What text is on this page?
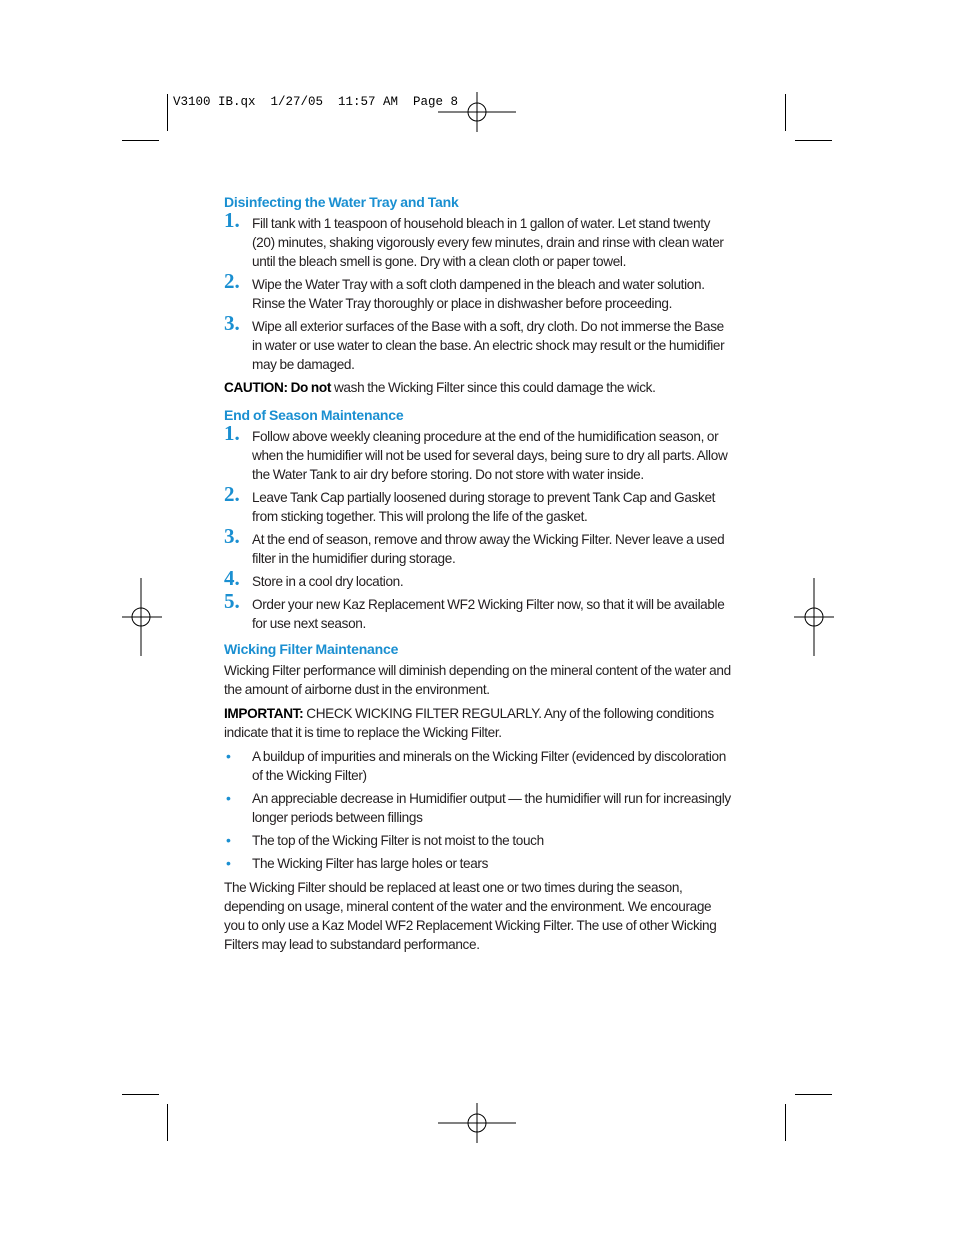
V3100 IB.qx  1/27/05  11:57 AM  Page 8
Disinfecting the Water Tray and Tank
1. Fill tank with 1 teaspoon of household bleach in 1 gallon of water. Let stand twenty (20) minutes, shaking vigorously every few minutes, drain and rinse with clean water until the bleach smell is gone. Dry with a clean cloth or paper towel.
2. Wipe the Water Tray with a soft cloth dampened in the bleach and water solution. Rinse the Water Tray thoroughly or place in dishwasher before proceeding.
3. Wipe all exterior surfaces of the Base with a soft, dry cloth. Do not immerse the Base in water or use water to clean the base. An electric shock may result or the humidifier may be damaged.

CAUTION: Do not wash the Wicking Filter since this could damage the wick.

End of Season Maintenance
1. Follow above weekly cleaning procedure at the end of the humidification season, or when the humidifier will not be used for several days, being sure to dry all parts. Allow the Water Tank to air dry before storing. Do not store with water inside.
2. Leave Tank Cap partially loosened during storage to prevent Tank Cap and Gasket from sticking together. This will prolong the life of the gasket.
3. At the end of season, remove and throw away the Wicking Filter. Never leave a used filter in the humidifier during storage.
4. Store in a cool dry location.
5. Order your new Kaz Replacement WF2 Wicking Filter now, so that it will be available for use next season.
Wicking Filter Maintenance

Wicking Filter performance will diminish depending on the mineral content of the water and the amount of airborne dust in the environment.

IMPORTANT: CHECK WICKING FILTER REGULARLY. Any of the following conditions indicate that it is time to replace the Wicking Filter.

• A buildup of impurities and minerals on the Wicking Filter (evidenced by discoloration of the Wicking Filter)
• An appreciable decrease in Humidifier output — the humidifier will run for increasingly longer periods between fillings
• The top of the Wicking Filter is not moist to the touch
• The Wicking Filter has large holes or tears

The Wicking Filter should be replaced at least one or two times during the season, depending on usage, mineral content of the water and the environment. We encourage you to only use a Kaz Model WF2 Replacement Wicking Filter. The use of other Wicking Filters may lead to substandard performance.
